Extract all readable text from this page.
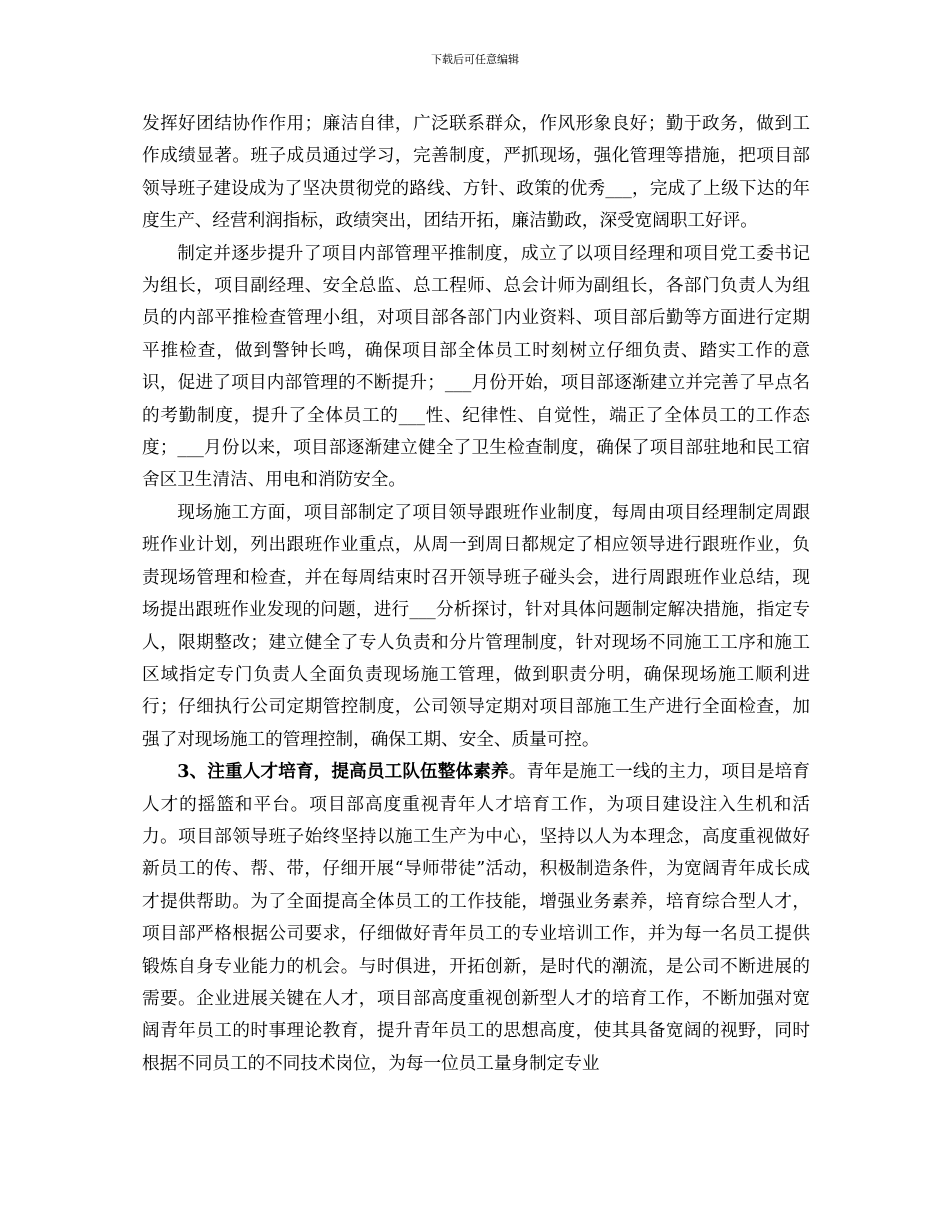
下载后可任意编辑

发挥好团结协作作用；廉洁自律，广泛联系群众，作风形象良好；勤于政务，做到工作成绩显著。班子成员通过学习，完善制度，严抓现场，强化管理等措施，把项目部领导班子建设成为了坚决贯彻党的路线、方针、政策的优秀___，完成了上级下达的年度生产、经营利润指标，政绩突出，团结开拓，廉洁勤政，深受宽阔职工好评。

制定并逐步提升了项目内部管理平推制度，成立了以项目经理和项目党工委书记为组长，项目副经理、安全总监、总工程师、总会计师为副组长，各部门负责人为组员的内部平推检查管理小组，对项目部各部门内业资料、项目部后勤等方面进行定期平推检查，做到警钟长鸣，确保项目部全体员工时刻树立仔细负责、踏实工作的意识，促进了项目内部管理的不断提升；___月份开始，项目部逐渐建立并完善了早点名的考勤制度，提升了全体员工的___性、纪律性、自觉性，端正了全体员工的工作态度；___月份以来，项目部逐渐建立健全了卫生检查制度，确保了项目部驻地和民工宿舍区卫生清洁、用电和消防安全。

现场施工方面，项目部制定了项目领导跟班作业制度，每周由项目经理制定周跟班作业计划，列出跟班作业重点，从周一到周日都规定了相应领导进行跟班作业，负责现场管理和检查，并在每周结束时召开领导班子碰头会，进行周跟班作业总结，现场提出跟班作业发现的问题，进行___分析探讨，针对具体问题制定解决措施，指定专人，限期整改；建立健全了专人负责和分片管理制度，针对现场不同施工工序和施工区域指定专门负责人全面负责现场施工管理，做到职责分明，确保现场施工顺利进行；仔细执行公司定期管控制度，公司领导定期对项目部施工生产进行全面检查，加强了对现场施工的管理控制，确保工期、安全、质量可控。

3、注重人才培育，提高员工队伍整体素养。青年是施工一线的主力，项目是培育人才的摇篮和平台。项目部高度重视青年人才培育工作，为项目建设注入生机和活力。项目部领导班子始终坚持以施工生产为中心，坚持以人为本理念，高度重视做好新员工的传、帮、带，仔细开展“导师带徒”活动，积极制造条件，为宽阔青年成长成才提供帮助。为了全面提高全体员工的工作技能，增强业务素养，培育综合型人才，项目部严格根据公司要求，仔细做好青年员工的专业培训工作，并为每一名员工提供锻炼自身专业能力的机会。与时俱进，开拓创新，是时代的潮流，是公司不断进展的需要。企业进展关键在人才，项目部高度重视创新型人才的培育工作，不断加强对宽阔青年员工的时事理论教育，提升青年员工的思想高度，使其具备宽阔的视野，同时根据不同员工的不同技术岗位，为每一位员工量身制定专业
